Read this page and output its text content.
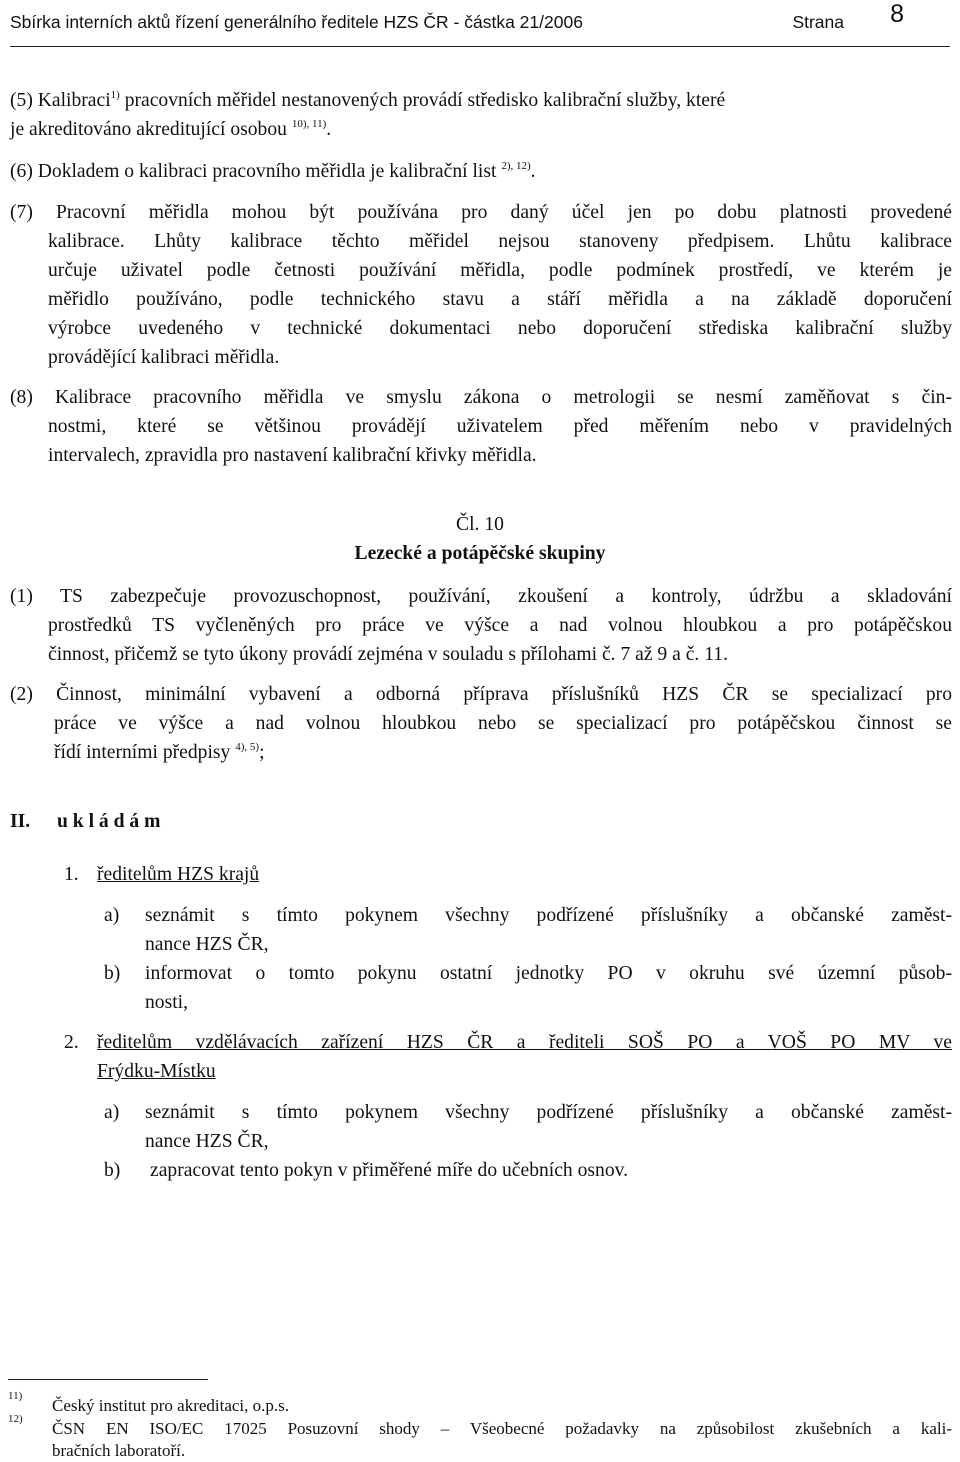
Sbírka interních aktů řízení generálního ředitele HZS ČR - částka 21/2006	Strana 8
(5) Kalibraci$^{1)}$ pracovních měřidel nestanovených provádí středisko kalibrační služby, které
je akreditováno akreditující osobou $^{10), 11)}$.
(6) Dokladem o kalibraci pracovního měřidla je kalibrační list $^{2), 12)}$.
(7) Pracovní měřidla mohou být používána pro daný účel jen po dobu platnosti provedené
kalibrace. Lhůty kalibrace těchto měřidel nejsou stanoveny předpisem. Lhůtu kalibrace
určuje uživatel podle četnosti používání měřidla, podle podmínek prostředí, ve kterém je
měřidlo používáno, podle technického stavu a stáří měřidla a na základě doporučení
výrobce uvedeného v technické dokumentaci nebo doporučení střediska kalibrační služby
provádějící kalibraci měřidla.
(8) Kalibrace pracovního měřidla ve smyslu zákona o metrologii se nesmí zaměňovat s čin-
nostmi, které se většinou provádějí uživatelem před měřením nebo v pravidelných
intervalech, zpravidla pro nastavení kalibrační křivky měřidla.
Čl. 10
Lezecké a potápěčské skupiny
(1) TS zabezpečuje provozuschopnost, používání, zkoušení a kontroly, údržbu a skladování
prostředků TS vyčleněných pro práce ve výšce a nad volnou hloubkou a pro potápěčskou
činnost, přičemž se tyto úkony provádí zejména v souladu s přílohami č. 7 až 9 a č. 11.
(2) Činnost, minimální vybavení a odborná příprava příslušníků HZS ČR se specializací pro
práce ve výšce a nad volnou hloubkou nebo se specializací pro potápěčskou činnost se
řídí interními předpisy $^{4), 5)}$;
II. u k l á d á m
1. ředitelům HZS krajů
a) seznámit s tímto pokynem všechny podřízené příslušníky a občanské zaměst-
nance HZS ČR,
b) informovat o tomto pokynu ostatní jednotky PO v okruhu své územní působ-
nosti,
2. ředitelům vzdělávacích zařízení HZS ČR a řediteli SOŠ PO a VOŠ PO MV ve
Frýdku-Místku
a) seznámit s tímto pokynem všechny podřízené příslušníky a občanské zaměst-
nance HZS ČR,
b) zapracovat tento pokyn v přiměřené míře do učebních osnov.
11) Český institut pro akreditaci, o.p.s.
12) ČSN EN ISO/EC 17025 Posuzovní shody – Všeobecné požadavky na způsobilost zkušebních a kali-
bračních laboratoří.
